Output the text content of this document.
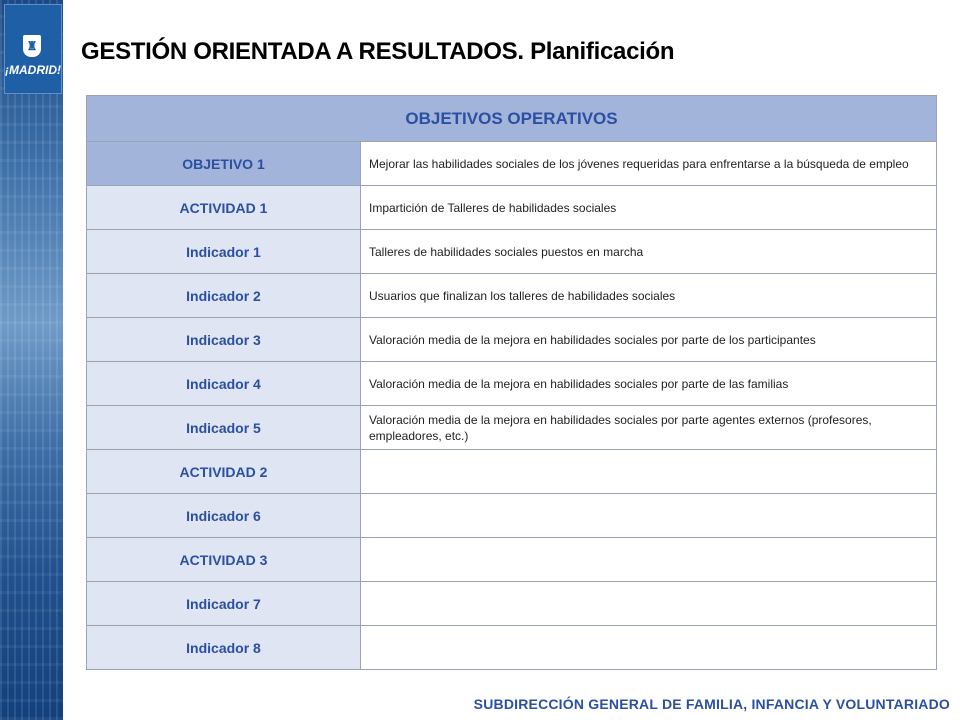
♜
¡MADRID!
GESTIÓN ORIENTADA A RESULTADOS. Planificación
OBJETIVOS OPERATIVOS
OBJETIVO 1	Mejorar las habilidades sociales de los jóvenes requeridas para enfrentarse a la búsqueda de empleo
ACTIVIDAD 1	Impartición de Talleres de habilidades sociales
Indicador 1	Talleres de habilidades sociales puestos en marcha
Indicador 2	Usuarios que finalizan los talleres de habilidades sociales
Indicador 3	Valoración media de la mejora en habilidades sociales por parte de los participantes
Indicador 4	Valoración media de la mejora en habilidades sociales por parte de las familias
Indicador 5	Valoración media de la mejora en habilidades sociales por parte agentes externos (profesores, empleadores, etc.)
ACTIVIDAD 2
Indicador 6
ACTIVIDAD 3
Indicador 7
Indicador 8
SUBDIRECCIÓN GENERAL DE FAMILIA, INFANCIA Y VOLUNTARIADO
